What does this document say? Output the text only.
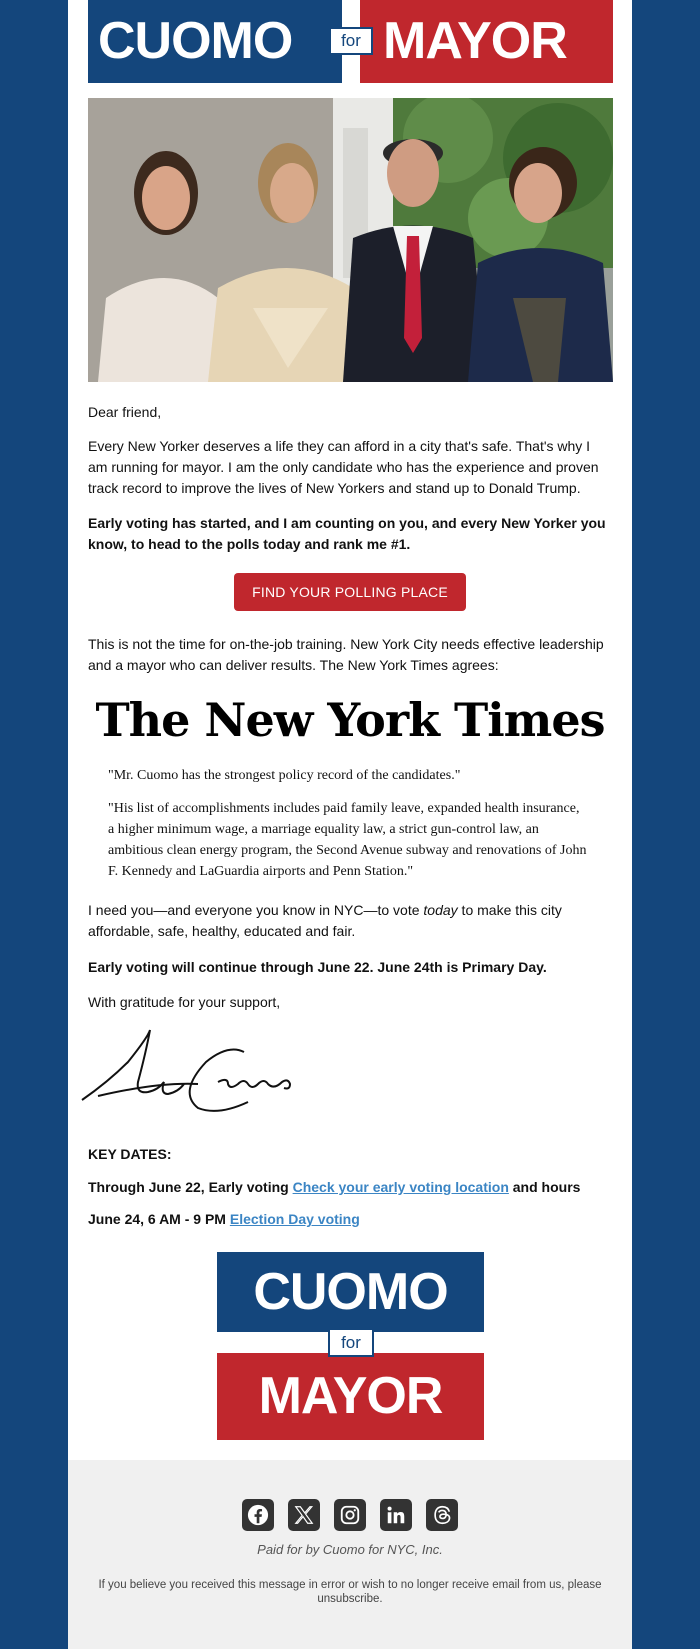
CUOMO MAYOR
for

Dear friend,

Every New Yorker deserves a life they can afford in a city that's safe. That's why I am running for mayor. I am the only candidate who has the experience and proven track record to improve the lives of New Yorkers and stand up to Donald Trump.

Early voting has started, and I am counting on you, and every New Yorker you know, to head to the polls today and rank me #1.

FIND YOUR POLLING PLACE

This is not the time for on-the-job training. New York City needs effective leadership and a mayor who can deliver results. The New York Times agrees:

The New York Times

"Mr. Cuomo has the strongest policy record of the candidates."

"His list of accomplishments includes paid family leave, expanded health insurance, a higher minimum wage, a marriage equality law, a strict gun-control law, an ambitious clean energy program, the Second Avenue subway and renovations of John F. Kennedy and LaGuardia airports and Penn Station."

I need you—and everyone you know in NYC—to vote today to make this city affordable, safe, healthy, educated and fair.

Early voting will continue through June 22. June 24th is Primary Day.

With gratitude for your support,

KEY DATES:

Through June 22, Early voting Check your early voting location and hours

June 24, 6 AM - 9 PM Election Day voting

CUOMO
MAYOR
for
Paid for by Cuomo for NYC, Inc.
If you believe you received this message in error or wish to no longer receive email from us, please unsubscribe.
